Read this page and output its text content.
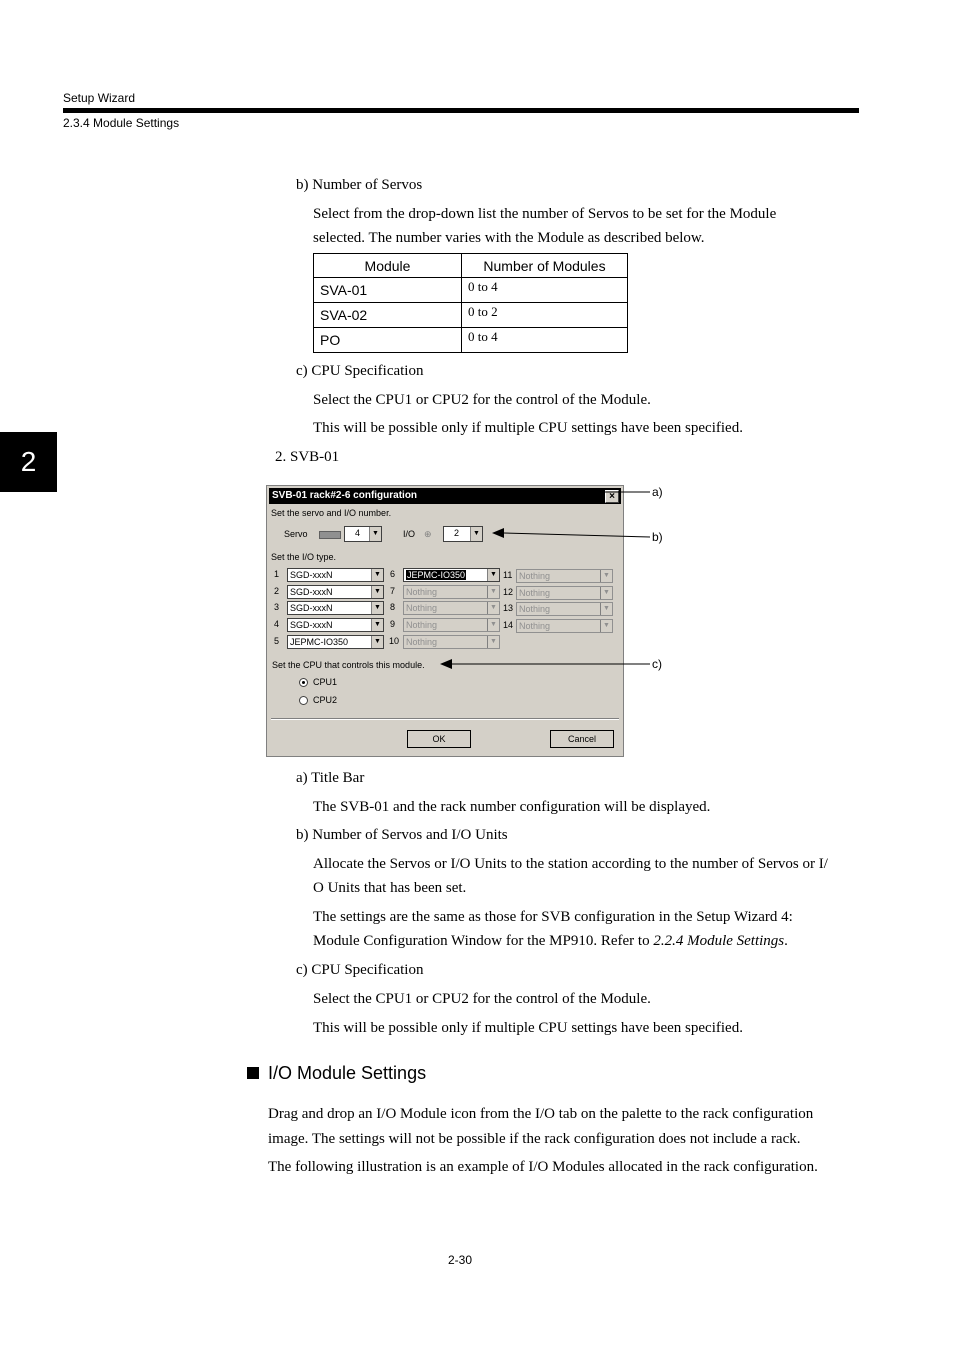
Setup Wizard
2.3.4 Module Settings
2
b) Number of Servos
Select from the drop-down list the number of Servos to be set for the Module
selected. The number varies with the Module as described below.
Module	Number of Modules
SVA-01	0 to 4
SVA-02	0 to 2
PO	0 to 4
c) CPU Specification
Select the CPU1 or CPU2 for the control of the Module.
This will be possible only if multiple CPU settings have been specified.
2. SVB-01
SVB-01 rack#2-6 configuration	×
Set the servo and I/O number.
Servo	4	▼	I/O ⊕	2	▼
Set the I/O type.
1	SGD-xxxN	▼
2	SGD-xxxN	▼
3	SGD-xxxN	▼
4	SGD-xxxN	▼
5	JEPMC-IO350	▼
6	JEPMC-IO350	▼
7	Nothing	▼
8	Nothing	▼
9	Nothing	▼
10 Nothing	▼
11 Nothing	▼
12 Nothing	▼
13 Nothing	▼
14 Nothing	▼
Set the CPU that controls this module.
CPU1
CPU2
OK	Cancel
a)
b)
c)
a) Title Bar
The SVB-01 and the rack number configuration will be displayed.
b) Number of Servos and I/O Units
Allocate the Servos or I/O Units to the station according to the number of Servos or I/
O Units that has been set.
The settings are the same as those for SVB configuration in the Setup Wizard 4:
Module Configuration Window for the MP910. Refer to 2.2.4 Module Settings.
c) CPU Specification
Select the CPU1 or CPU2 for the control of the Module.
This will be possible only if multiple CPU settings have been specified.
I/O Module Settings
Drag and drop an I/O Module icon from the I/O tab on the palette to the rack configuration
image. The settings will not be possible if the rack configuration does not include a rack.
The following illustration is an example of I/O Modules allocated in the rack configuration.
2-30
